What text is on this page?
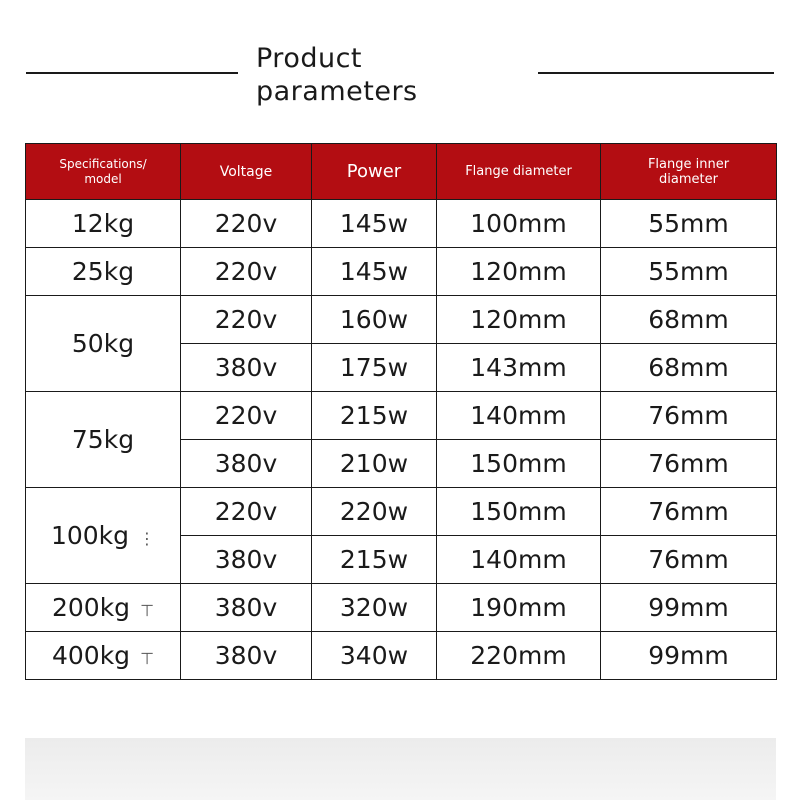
Product
parameters
Specifications/
model	Voltage	Power	Flange diameter	Flange inner
diameter
12kg	220v	145w	100mm	55mm
25kg	220v	145w	120mm	55mm
50kg	220v	160w	120mm	68mm
	380v	175w	143mm	68mm
75kg	220v	215w	140mm	76mm
	380v	210w	150mm	76mm
100kg ⋮	220v	220w	150mm	76mm
	380v	215w	140mm	76mm
200kg ⊤	380v	320w	190mm	99mm
400kg ⊤	380v	340w	220mm	99mm
